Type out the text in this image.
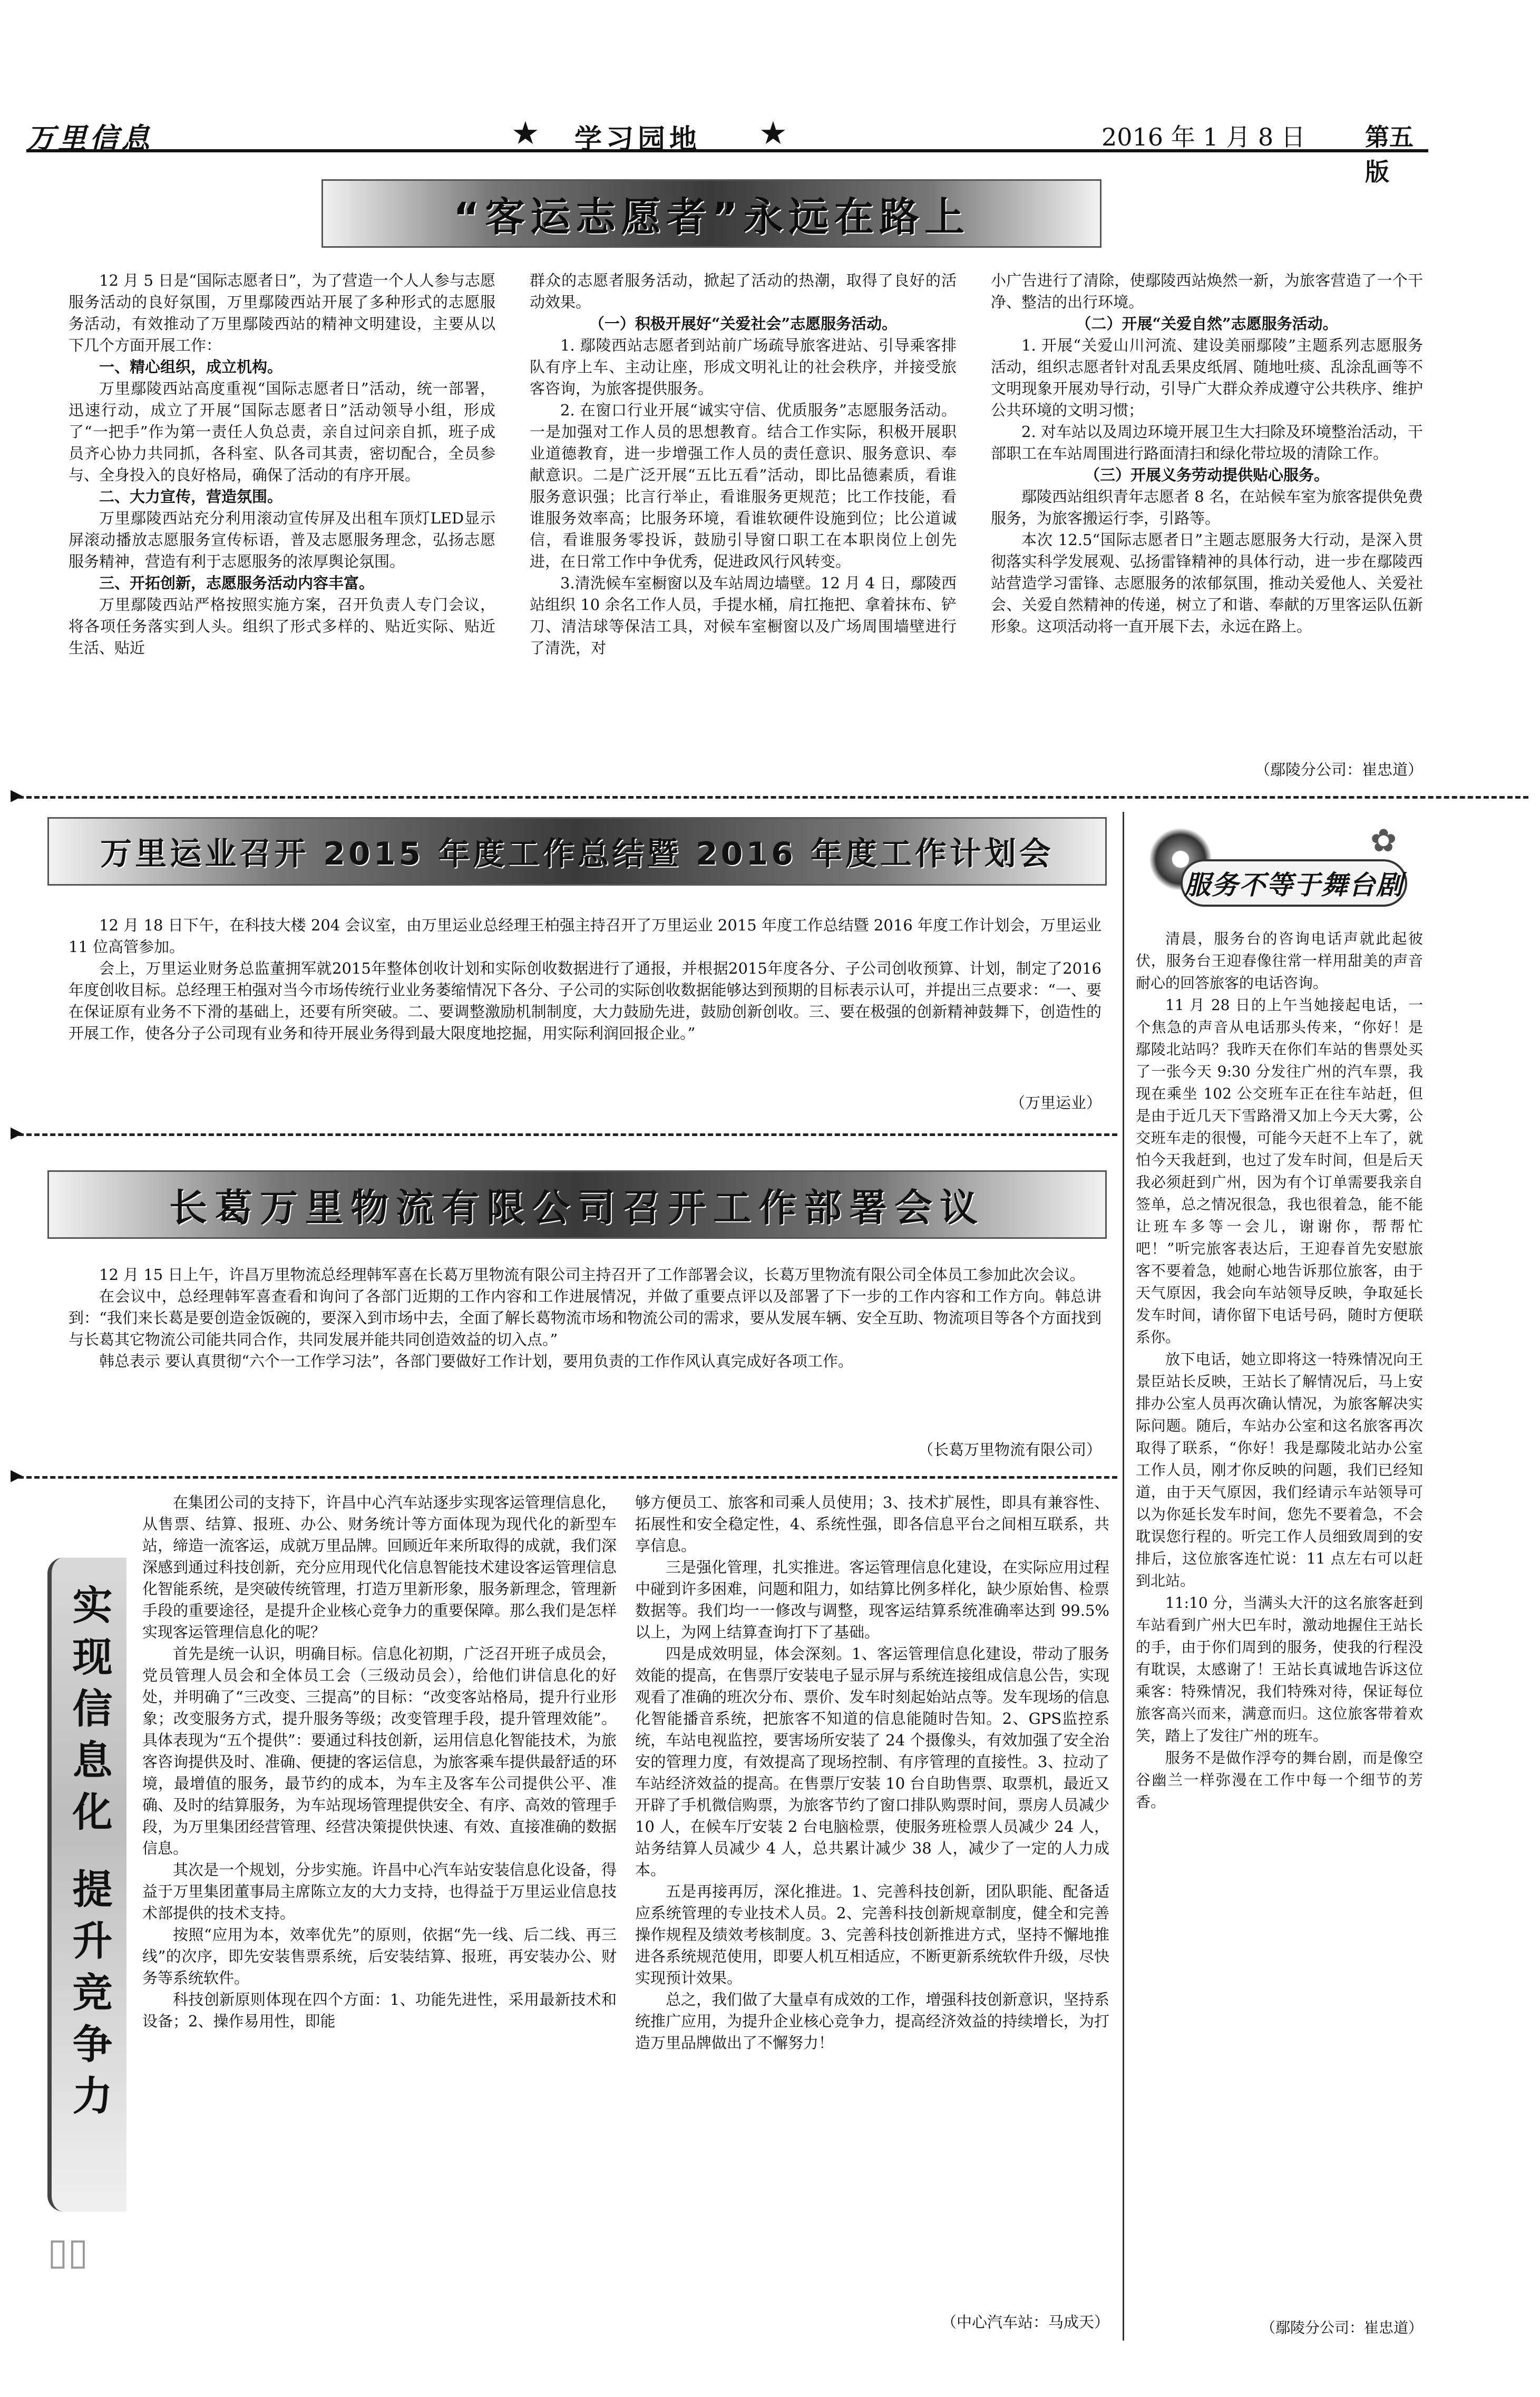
万里信息	★ 学习园地 ★	2016 年 1 月 8 日 第五版
“客运志愿者”永远在路上

12 月 5 日是“国际志愿者日”，为了营造一个人人参与志愿服务活动的良好氛围，万里鄢陵西站开展了多种形式的志愿服务活动，有效推动了万里鄢陵西站的精神文明建设，主要从以下几个方面开展工作：

一、精心组织，成立机构。

万里鄢陵西站高度重视“国际志愿者日”活动，统一部署，迅速行动，成立了开展“国际志愿者日”活动领导小组，形成了“一把手”作为第一责任人负总责，亲自过问亲自抓，班子成员齐心协力共同抓，各科室、队各司其责，密切配合，全员参与、全身投入的良好格局，确保了活动的有序开展。

二、大力宣传，营造氛围。

万里鄢陵西站充分利用滚动宣传屏及出租车顶灯LED显示屏滚动播放志愿服务宣传标语，普及志愿服务理念，弘扬志愿服务精神，营造有利于志愿服务的浓厚舆论氛围。

三、开拓创新，志愿服务活动内容丰富。

万里鄢陵西站严格按照实施方案，召开负责人专门会议，将各项任务落实到人头。组织了形式多样的、贴近实际、贴近生活、贴近

群众的志愿者服务活动，掀起了活动的热潮，取得了良好的活动效果。

（一）积极开展好“关爱社会”志愿服务活动。

1. 鄢陵西站志愿者到站前广场疏导旅客进站、引导乘客排队有序上车、主动让座，形成文明礼让的社会秩序，并接受旅客咨询，为旅客提供服务。

2. 在窗口行业开展“诚实守信、优质服务”志愿服务活动。一是加强对工作人员的思想教育。结合工作实际，积极开展职业道德教育，进一步增强工作人员的责任意识、服务意识、奉献意识。二是广泛开展“五比五看”活动，即比品德素质，看谁服务意识强；比言行举止，看谁服务更规范；比工作技能，看谁服务效率高；比服务环境，看谁软硬件设施到位；比公道诚信，看谁服务零投诉，鼓励引导窗口职工在本职岗位上创先进，在日常工作中争优秀，促进政风行风转变。

3.清洗候车室橱窗以及车站周边墙壁。12 月 4 日，鄢陵西站组织 10 余名工作人员，手提水桶，肩扛拖把、拿着抹布、铲刀、清洁球等保洁工具，对候车室橱窗以及广场周围墙壁进行了清洗，对

小广告进行了清除，使鄢陵西站焕然一新，为旅客营造了一个干净、整洁的出行环境。

（二）开展“关爱自然”志愿服务活动。

1. 开展“关爱山川河流、建设美丽鄢陵”主题系列志愿服务活动，组织志愿者针对乱丢果皮纸屑、随地吐痰、乱涂乱画等不文明现象开展劝导行动，引导广大群众养成遵守公共秩序、维护公共环境的文明习惯；

2. 对车站以及周边环境开展卫生大扫除及环境整治活动，干部职工在车站周围进行路面清扫和绿化带垃圾的清除工作。

（三）开展义务劳动提供贴心服务。

鄢陵西站组织青年志愿者 8 名，在站候车室为旅客提供免费服务，为旅客搬运行李，引路等。

本次 12.5“国际志愿者日”主题志愿服务大行动，是深入贯彻落实科学发展观、弘扬雷锋精神的具体行动，进一步在鄢陵西站营造学习雷锋、志愿服务的浓郁氛围，推动关爱他人、关爱社会、关爱自然精神的传递，树立了和谐、奉献的万里客运队伍新形象。这项活动将一直开展下去，永远在路上。

（鄢陵分公司：崔忠道）
▶
万里运业召开 2015 年度工作总结暨 2016 年度工作计划会

12 月 18 日下午，在科技大楼 204 会议室，由万里运业总经理王柏强主持召开了万里运业 2015 年度工作总结暨 2016 年度工作计划会，万里运业 11 位高管参加。

会上，万里运业财务总监董拥军就2015年整体创收计划和实际创收数据进行了通报，并根据2015年度各分、子公司创收预算、计划，制定了2016年度创收目标。总经理王柏强对当今市场传统行业业务萎缩情况下各分、子公司的实际创收数据能够达到预期的目标表示认可，并提出三点要求：“一、要在保证原有业务不下滑的基础上，还要有所突破。二、要调整激励机制制度，大力鼓励先进，鼓励创新创收。三、要在极强的创新精神鼓舞下，创造性的开展工作，使各分子公司现有业务和待开展业务得到最大限度地挖掘，用实际利润回报企业。”

（万里运业）
▶
长葛万里物流有限公司召开工作部署会议

12 月 15 日上午，许昌万里物流总经理韩军喜在长葛万里物流有限公司主持召开了工作部署会议，长葛万里物流有限公司全体员工参加此次会议。

在会议中，总经理韩军喜查看和询问了各部门近期的工作内容和工作进展情况，并做了重要点评以及部署了下一步的工作内容和工作方向。韩总讲到：“我们来长葛是要创造金饭碗的，要深入到市场中去，全面了解长葛物流市场和物流公司的需求，要从发展车辆、安全互助、物流项目等各个方面找到与长葛其它物流公司能共同合作，共同发展并能共同创造效益的切入点。”

韩总表示 要认真贯彻“六个一工作学习法”，各部门要做好工作计划，要用负责的工作作风认真完成好各项工作。

（长葛万里物流有限公司）
▶
✿
服务不等于舞台剧

清晨，服务台的咨询电话声就此起彼伏，服务台王迎春像往常一样用甜美的声音耐心的回答旅客的电话咨询。

11 月 28 日的上午当她接起电话，一个焦急的声音从电话那头传来，“你好！是鄢陵北站吗？我昨天在你们车站的售票处买了一张今天 9:30 分发往广州的汽车票，我现在乘坐 102 公交班车正在往车站赶，但是由于近几天下雪路滑又加上今天大雾，公交班车走的很慢，可能今天赶不上车了，就怕今天我赶到，也过了发车时间，但是后天我必须赶到广州，因为有个订单需要我亲自签单，总之情况很急，我也很着急，能不能让班车多等一会儿，谢谢你，帮帮忙吧！”听完旅客表达后，王迎春首先安慰旅客不要着急，她耐心地告诉那位旅客，由于天气原因，我会向车站领导反映，争取延长发车时间，请你留下电话号码，随时方便联系你。

放下电话，她立即将这一特殊情况向王景臣站长反映，王站长了解情况后，马上安排办公室人员再次确认情况，为旅客解决实际问题。随后，车站办公室和这名旅客再次取得了联系，“你好！我是鄢陵北站办公室工作人员，刚才你反映的问题，我们已经知道，由于天气原因，我们经请示车站领导可以为你延长发车时间，您先不要着急，不会耽误您行程的。听完工作人员细致周到的安排后，这位旅客连忙说：11 点左右可以赶到北站。

11:10 分，当满头大汗的这名旅客赶到车站看到广州大巴车时，激动地握住王站长的手，由于你们周到的服务，使我的行程没有耽误，太感谢了！王站长真诚地告诉这位乘客：特殊情况，我们特殊对待，保证每位旅客高兴而来，满意而归。这位旅客带着欢笑，踏上了发往广州的班车。

服务不是做作浮夸的舞台剧，而是像空谷幽兰一样弥漫在工作中每一个细节的芳香。

（鄢陵分公司：崔忠道）
实现信息化 提升竞争力
▯▯

在集团公司的支持下，许昌中心汽车站逐步实现客运管理信息化，从售票、结算、报班、办公、财务统计等方面体现为现代化的新型车站，缔造一流客运，成就万里品牌。回顾近年来所取得的成就，我们深深感到通过科技创新，充分应用现代化信息智能技术建设客运管理信息化智能系统，是突破传统管理，打造万里新形象，服务新理念，管理新手段的重要途径，是提升企业核心竞争力的重要保障。那么我们是怎样实现客运管理信息化的呢？

首先是统一认识，明确目标。信息化初期，广泛召开班子成员会，党员管理人员会和全体员工会（三级动员会），给他们讲信息化的好处，并明确了“三改变、三提高”的目标：“改变客站格局，提升行业形象；改变服务方式，提升服务等级；改变管理手段，提升管理效能”。具体表现为“五个提供”：要通过科技创新，运用信息化智能技术，为旅客咨询提供及时、准确、便捷的客运信息，为旅客乘车提供最舒适的环境，最增值的服务，最节约的成本，为车主及客车公司提供公平、准确、及时的结算服务，为车站现场管理提供安全、有序、高效的管理手段，为万里集团经营管理、经营决策提供快速、有效、直接准确的数据信息。

其次是一个规划，分步实施。许昌中心汽车站安装信息化设备，得益于万里集团董事局主席陈立友的大力支持，也得益于万里运业信息技术部提供的技术支持。

按照“应用为本，效率优先”的原则，依据“先一线、后二线、再三线”的次序，即先安装售票系统，后安装结算、报班，再安装办公、财务等系统软件。

科技创新原则体现在四个方面：1、功能先进性，采用最新技术和设备；2、操作易用性，即能

够方便员工、旅客和司乘人员使用；3、技术扩展性，即具有兼容性、拓展性和安全稳定性，4、系统性强，即各信息平台之间相互联系，共享信息。

三是强化管理，扎实推进。客运管理信息化建设，在实际应用过程中碰到许多困难，问题和阻力，如结算比例多样化，缺少原始售、检票数据等。我们均一一修改与调整，现客运结算系统准确率达到 99.5% 以上，为网上结算查询打下了基础。

四是成效明显，体会深刻。1、客运管理信息化建设，带动了服务效能的提高，在售票厅安装电子显示屏与系统连接组成信息公告，实现观看了准确的班次分布、票价、发车时刻起始站点等。发车现场的信息化智能播音系统，把旅客不知道的信息能随时告知。2、GPS监控系统，车站电视监控，要害场所安装了 24 个摄像头，有效加强了安全治安的管理力度，有效提高了现场控制、有序管理的直接性。3、拉动了车站经济效益的提高。在售票厅安装 10 台自助售票、取票机，最近又开辟了手机微信购票，为旅客节约了窗口排队购票时间，票房人员减少 10 人，在候车厅安装 2 台电脑检票，使服务班检票人员减少 24 人，站务结算人员减少 4 人，总共累计减少 38 人，减少了一定的人力成本。

五是再接再厉，深化推进。1、完善科技创新，团队职能、配备适应系统管理的专业技术人员。2、完善科技创新规章制度，健全和完善操作规程及绩效考核制度。3、完善科技创新推进方式，坚持不懈地推进各系统规范使用，即要人机互相适应，不断更新系统软件升级，尽快实现预计效果。

总之，我们做了大量卓有成效的工作，增强科技创新意识，坚持系统推广应用，为提升企业核心竞争力，提高经济效益的持续增长，为打造万里品牌做出了不懈努力！

（中心汽车站：马成天）
